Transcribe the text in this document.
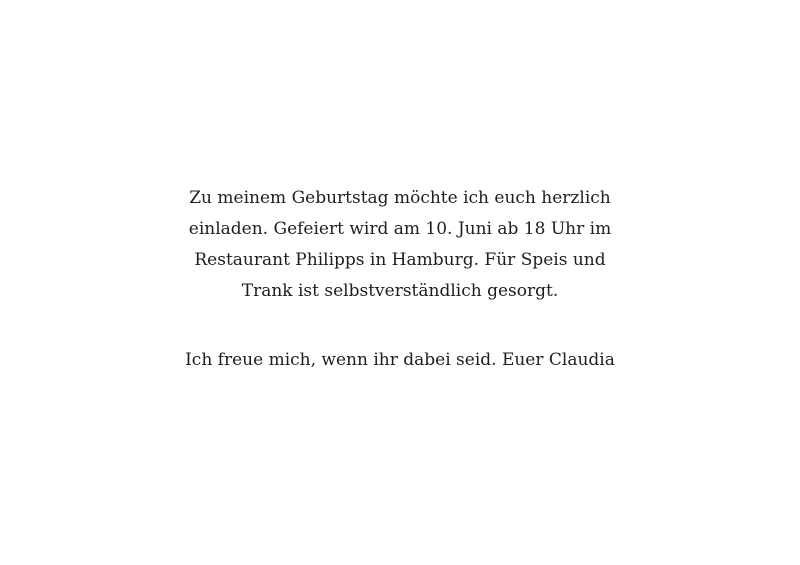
Zu meinem Geburtstag möchte ich euch herzlich
einladen. Gefeiert wird am 10. Juni ab 18 Uhr im
Restaurant Philipps in Hamburg. Für Speis und
Trank ist selbstverständlich gesorgt.

Ich freue mich, wenn ihr dabei seid. Euer Claudia
